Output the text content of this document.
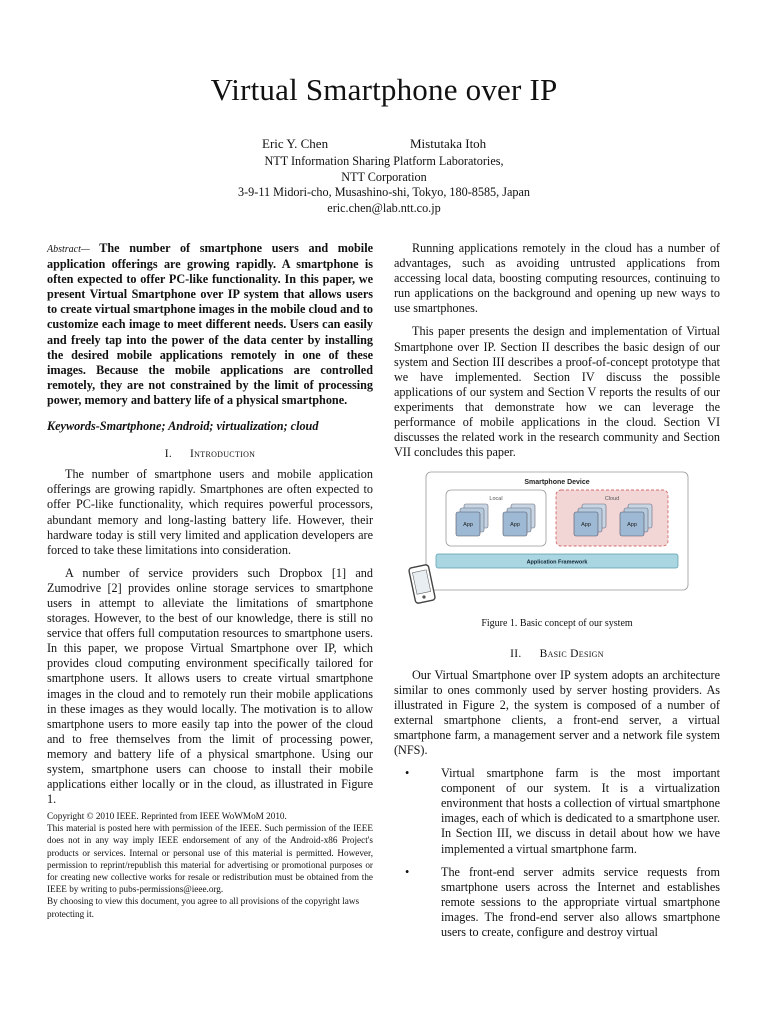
Virtual Smartphone over IP
Eric Y. Chen	Mistutaka Itoh
NTT Information Sharing Platform Laboratories,
NTT Corporation
3-9-11 Midori-cho, Musashino-shi, Tokyo, 180-8585, Japan
eric.chen@lab.ntt.co.jp
Abstract— The number of smartphone users and mobile application offerings are growing rapidly. A smartphone is often expected to offer PC-like functionality. In this paper, we present Virtual Smartphone over IP system that allows users to create virtual smartphone images in the mobile cloud and to customize each image to meet different needs. Users can easily and freely tap into the power of the data center by installing the desired mobile applications remotely in one of these images. Because the mobile applications are controlled remotely, they are not constrained by the limit of processing power, memory and battery life of a physical smartphone.
Keywords-Smartphone; Android; virtualization; cloud
I. Introduction

The number of smartphone users and mobile application offerings are growing rapidly. Smartphones are often expected to offer PC-like functionality, which requires powerful processors, abundant memory and long-lasting battery life. However, their hardware today is still very limited and application developers are forced to take these limitations into consideration.

A number of service providers such Dropbox [1] and Zumodrive [2] provides online storage services to smartphone users in attempt to alleviate the limitations of smartphone storages. However, to the best of our knowledge, there is still no service that offers full computation resources to smartphone users. In this paper, we propose Virtual Smartphone over IP, which provides cloud computing environment specifically tailored for smartphone users. It allows users to create virtual smartphone images in the cloud and to remotely run their mobile applications in these images as they would locally. The motivation is to allow smartphone users to more easily tap into the power of the cloud and to free themselves from the limit of processing power, memory and battery life of a physical smartphone. Using our system, smartphone users can choose to install their mobile applications either locally or in the cloud, as illustrated in Figure 1.

Copyright © 2010 IEEE. Reprinted from IEEE WoWMoM 2010.
This material is posted here with permission of the IEEE. Such permission of the IEEE does not in any way imply IEEE endorsement of any of the Android-x86 Project's products or services. Internal or personal use of this material is permitted. However, permission to reprint/republish this material for advertising or promotional purposes or for creating new collective works for resale or redistribution must be obtained from the IEEE by writing to pubs-permissions@ieee.org.
By choosing to view this document, you agree to all provisions of the copyright laws protecting it.

Running applications remotely in the cloud has a number of advantages, such as avoiding untrusted applications from accessing local data, boosting computing resources, continuing to run applications on the background and opening up new ways to use smartphones.

This paper presents the design and implementation of Virtual Smartphone over IP. Section II describes the basic design of our system and Section III describes a proof-of-concept prototype that we have implemented. Section IV discuss the possible applications of our system and Section V reports the results of our experiments that demonstrate how we can leverage the performance of mobile applications in the cloud. Section VI discusses the related work in the research community and Section VII concludes this paper.

Smartphone Device
Local	Cloud
App	App	App	App
Application Framework
Figure 1. Basic concept of our system
II. Basic Design

Our Virtual Smartphone over IP system adopts an architecture similar to ones commonly used by server hosting providers. As illustrated in Figure 2, the system is composed of a number of external smartphone clients, a front-end server, a virtual smartphone farm, a management server and a network file system (NFS).

•	Virtual smartphone farm is the most important component of our system. It is a virtualization environment that hosts a collection of virtual smartphone images, each of which is dedicated to a smartphone user. In Section III, we discuss in detail about how we have implemented a virtual smartphone farm.
•	The front-end server admits service requests from smartphone users across the Internet and establishes remote sessions to the appropriate virtual smartphone images. The frond-end server also allows smartphone users to create, configure and destroy virtual
